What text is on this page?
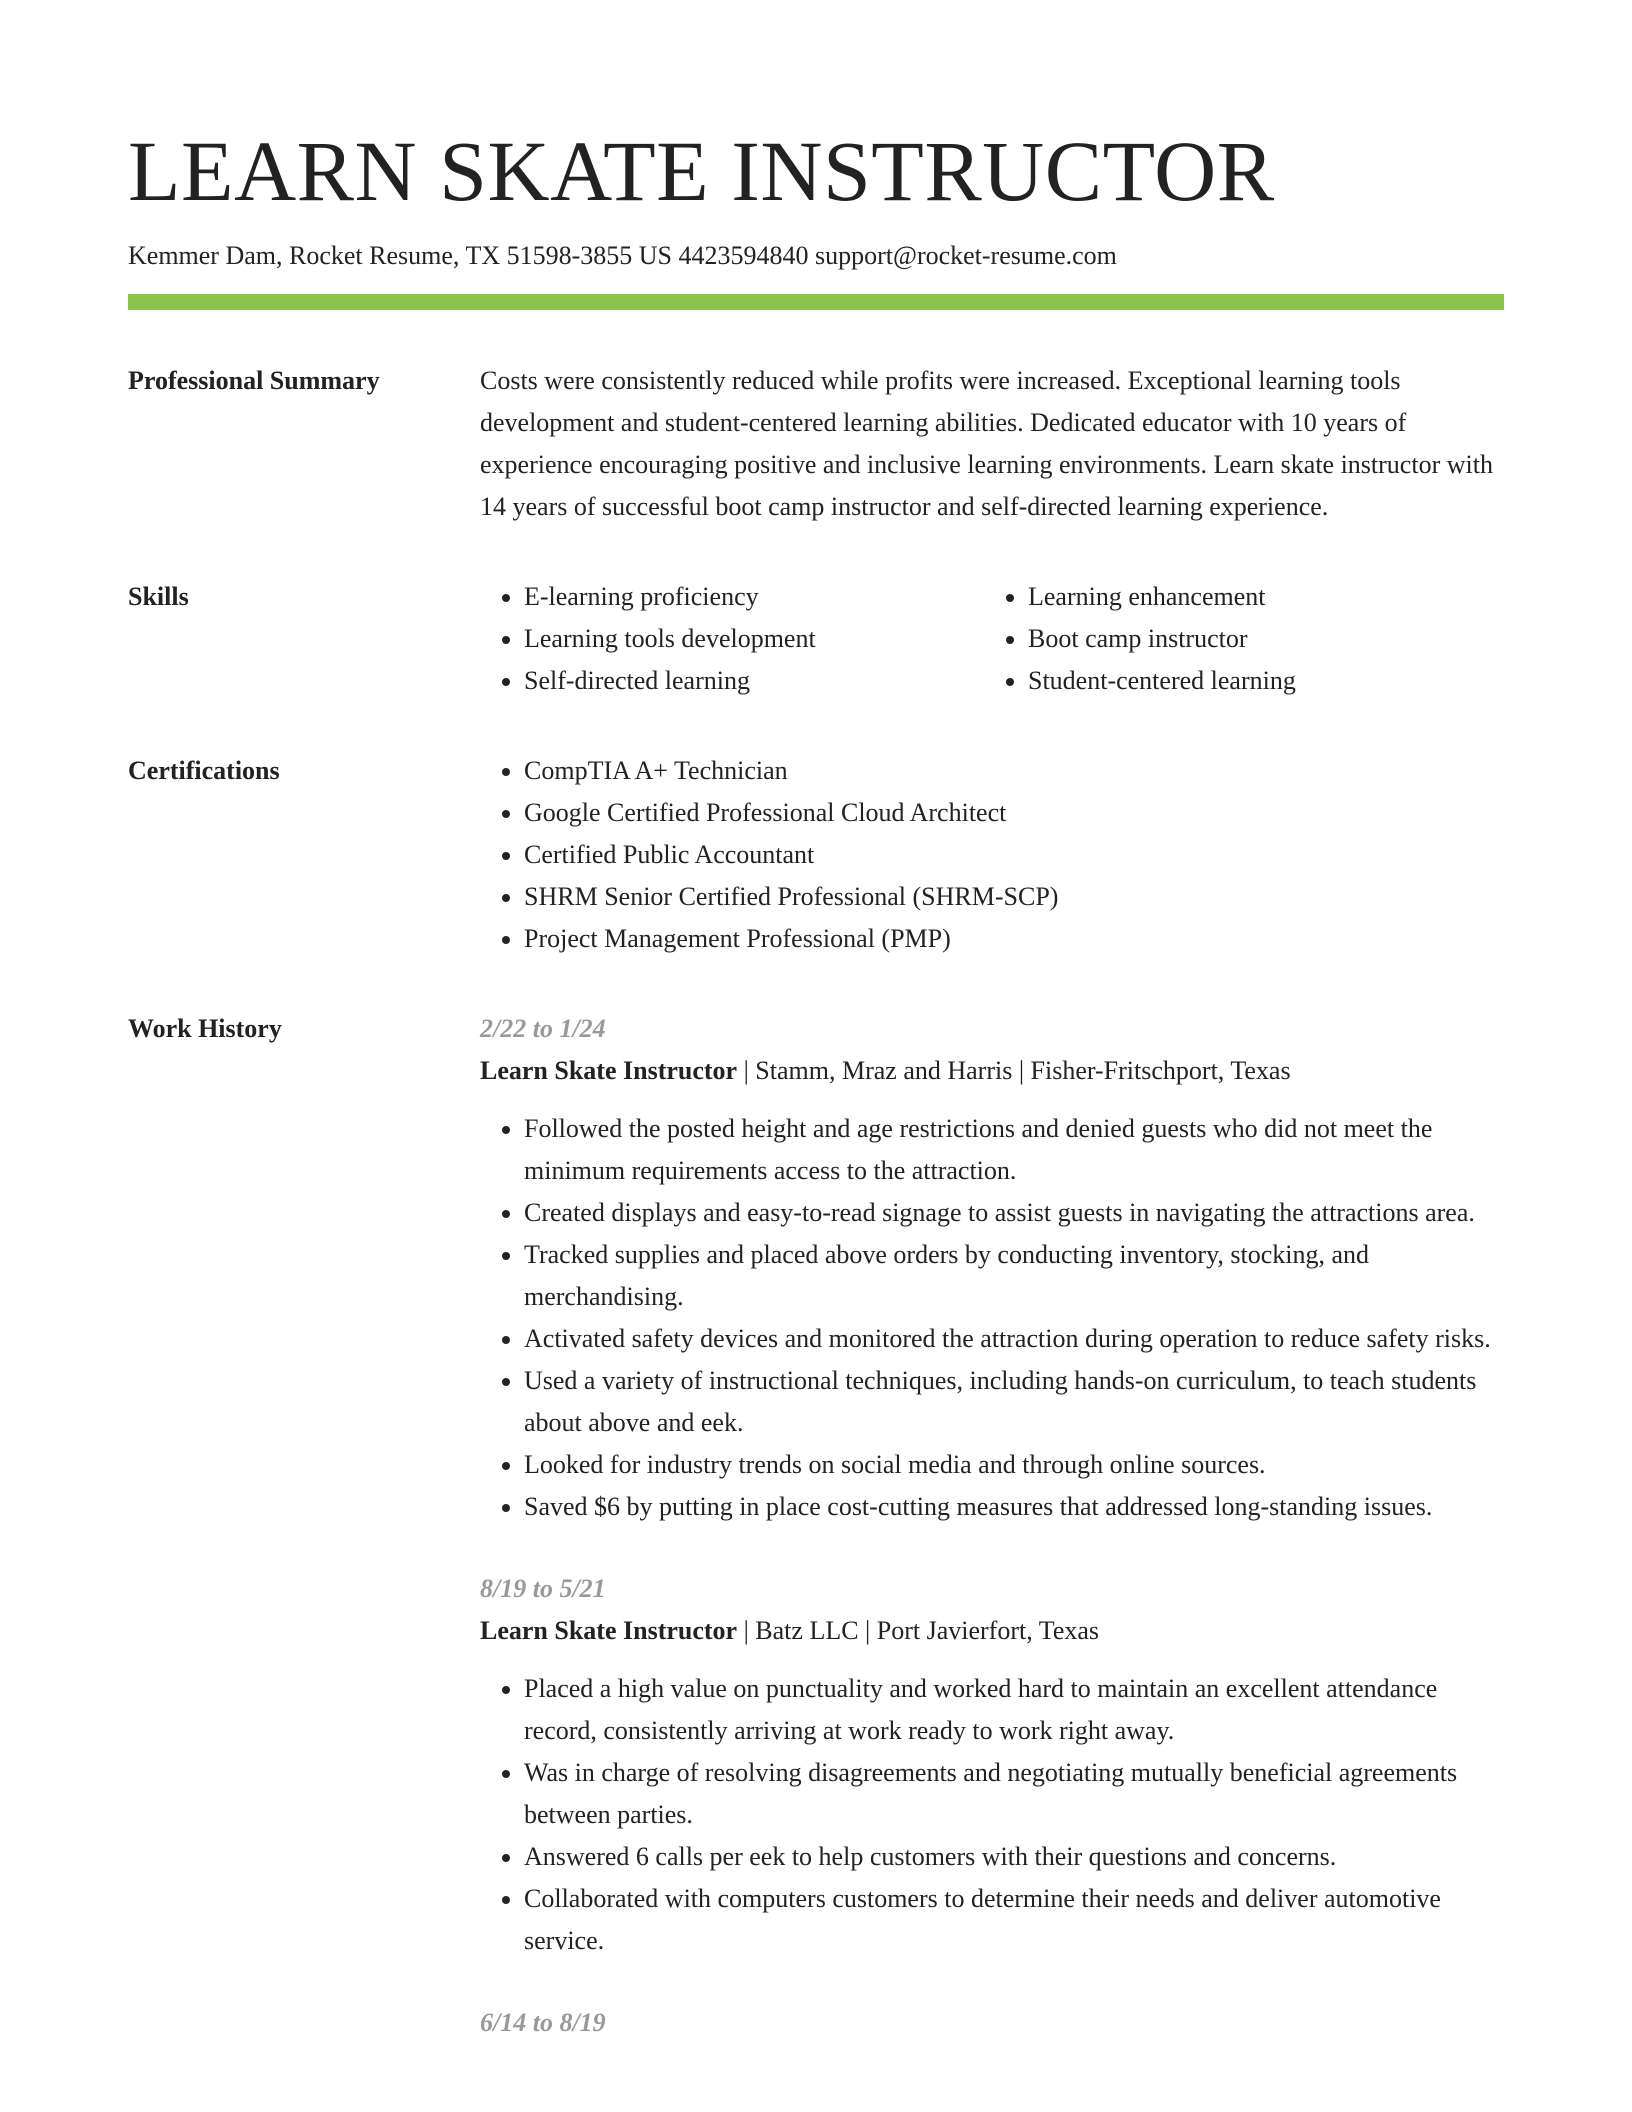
LEARN SKATE INSTRUCTOR
Kemmer Dam, Rocket Resume, TX 51598-3855 US 4423594840 support@rocket-resume.com
Professional Summary	Costs were consistently reduced while profits were increased. Exceptional learning tools development and student-centered learning abilities. Dedicated educator with 10 years of experience encouraging positive and inclusive learning environments. Learn skate instructor with 14 years of successful boot camp instructor and self-directed learning experience.

Skills	• E-learning proficiency
• Learning tools development
• Self-directed learning
• Learning enhancement
• Boot camp instructor
• Student-centered learning
Certifications	• CompTIA A+ Technician
• Google Certified Professional Cloud Architect
• Certified Public Accountant
• SHRM Senior Certified Professional (SHRM-SCP)
• Project Management Professional (PMP)
Work History	2/22 to 1/24
Learn Skate Instructor | Stamm, Mraz and Harris | Fisher-Fritschport, Texas
• Followed the posted height and age restrictions and denied guests who did not meet the minimum requirements access to the attraction.
• Created displays and easy-to-read signage to assist guests in navigating the attractions area.
• Tracked supplies and placed above orders by conducting inventory, stocking, and merchandising.
• Activated safety devices and monitored the attraction during operation to reduce safety risks.
• Used a variety of instructional techniques, including hands-on curriculum, to teach students about above and eek.
• Looked for industry trends on social media and through online sources.
• Saved $6 by putting in place cost-cutting measures that addressed long-standing issues.
8/19 to 5/21
Learn Skate Instructor | Batz LLC | Port Javierfort, Texas
• Placed a high value on punctuality and worked hard to maintain an excellent attendance record, consistently arriving at work ready to work right away.
• Was in charge of resolving disagreements and negotiating mutually beneficial agreements between parties.
• Answered 6 calls per eek to help customers with their questions and concerns.
• Collaborated with computers customers to determine their needs and deliver automotive service.
6/14 to 8/19
